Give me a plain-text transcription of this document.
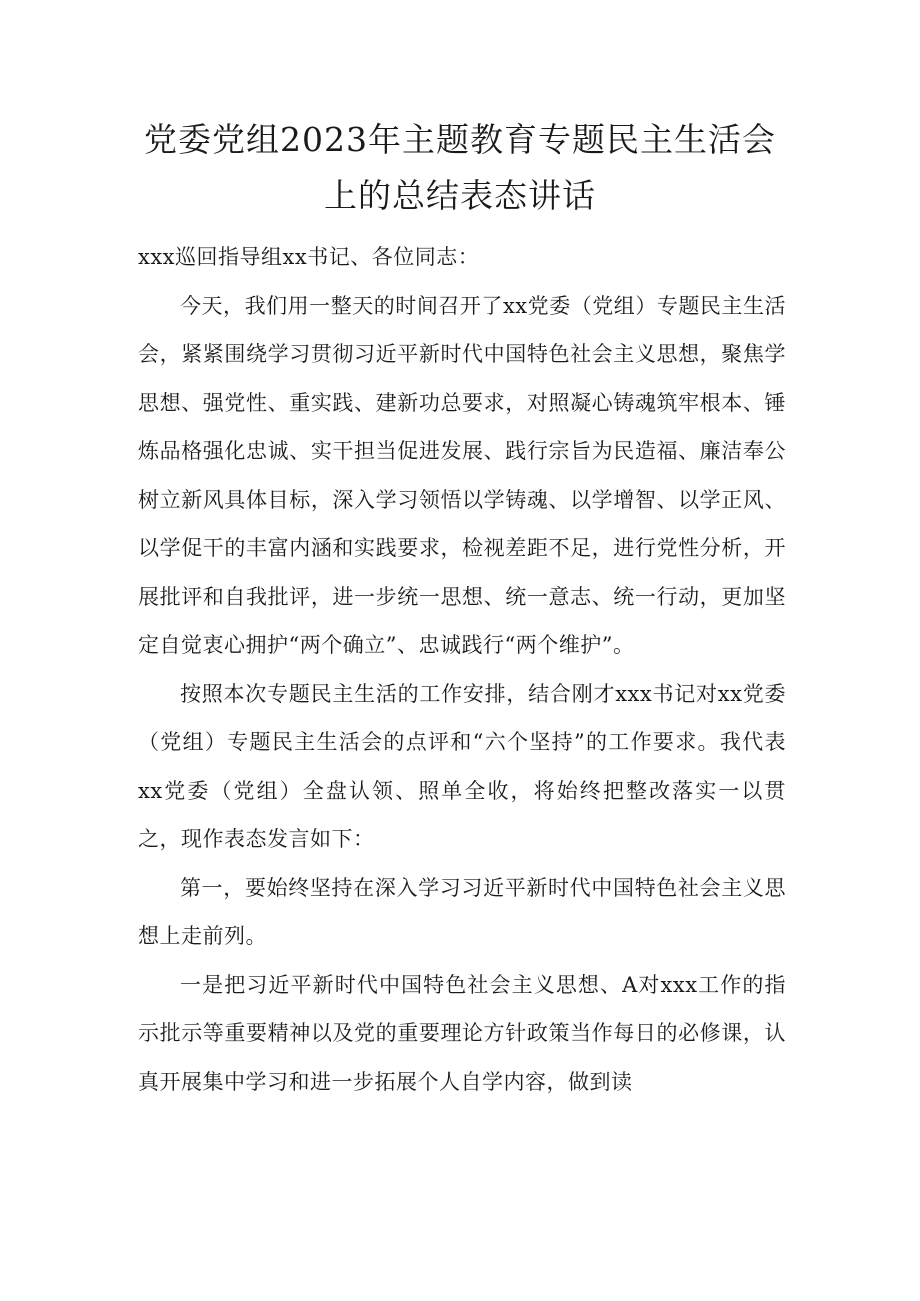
党委党组2023年主题教育专题民主生活会

上的总结表态讲话

xxx巡回指导组xx书记、各位同志：

今天，我们用一整天的时间召开了xx党委（党组）专题民主生活会，紧紧围绕学习贯彻习近平新时代中国特色社会主义思想，聚焦学思想、强党性、重实践、建新功总要求，对照凝心铸魂筑牢根本、锤炼品格强化忠诚、实干担当促进发展、践行宗旨为民造福、廉洁奉公树立新风具体目标，深入学习领悟以学铸魂、以学增智、以学正风、以学促干的丰富内涵和实践要求，检视差距不足，进行党性分析，开展批评和自我批评，进一步统一思想、统一意志、统一行动，更加坚定自觉衷心拥护“两个确立”、忠诚践行“两个维护”。

按照本次专题民主生活的工作安排，结合刚才xxx书记对xx党委（党组）专题民主生活会的点评和“六个坚持”的工作要求。我代表xx党委（党组）全盘认领、照单全收，将始终把整改落实一以贯之，现作表态发言如下：

第一，要始终坚持在深入学习习近平新时代中国特色社会主义思想上走前列。

一是把习近平新时代中国特色社会主义思想、A对xxx工作的指示批示等重要精神以及党的重要理论方针政策当作每日的必修课，认真开展集中学习和进一步拓展个人自学内容，做到读
